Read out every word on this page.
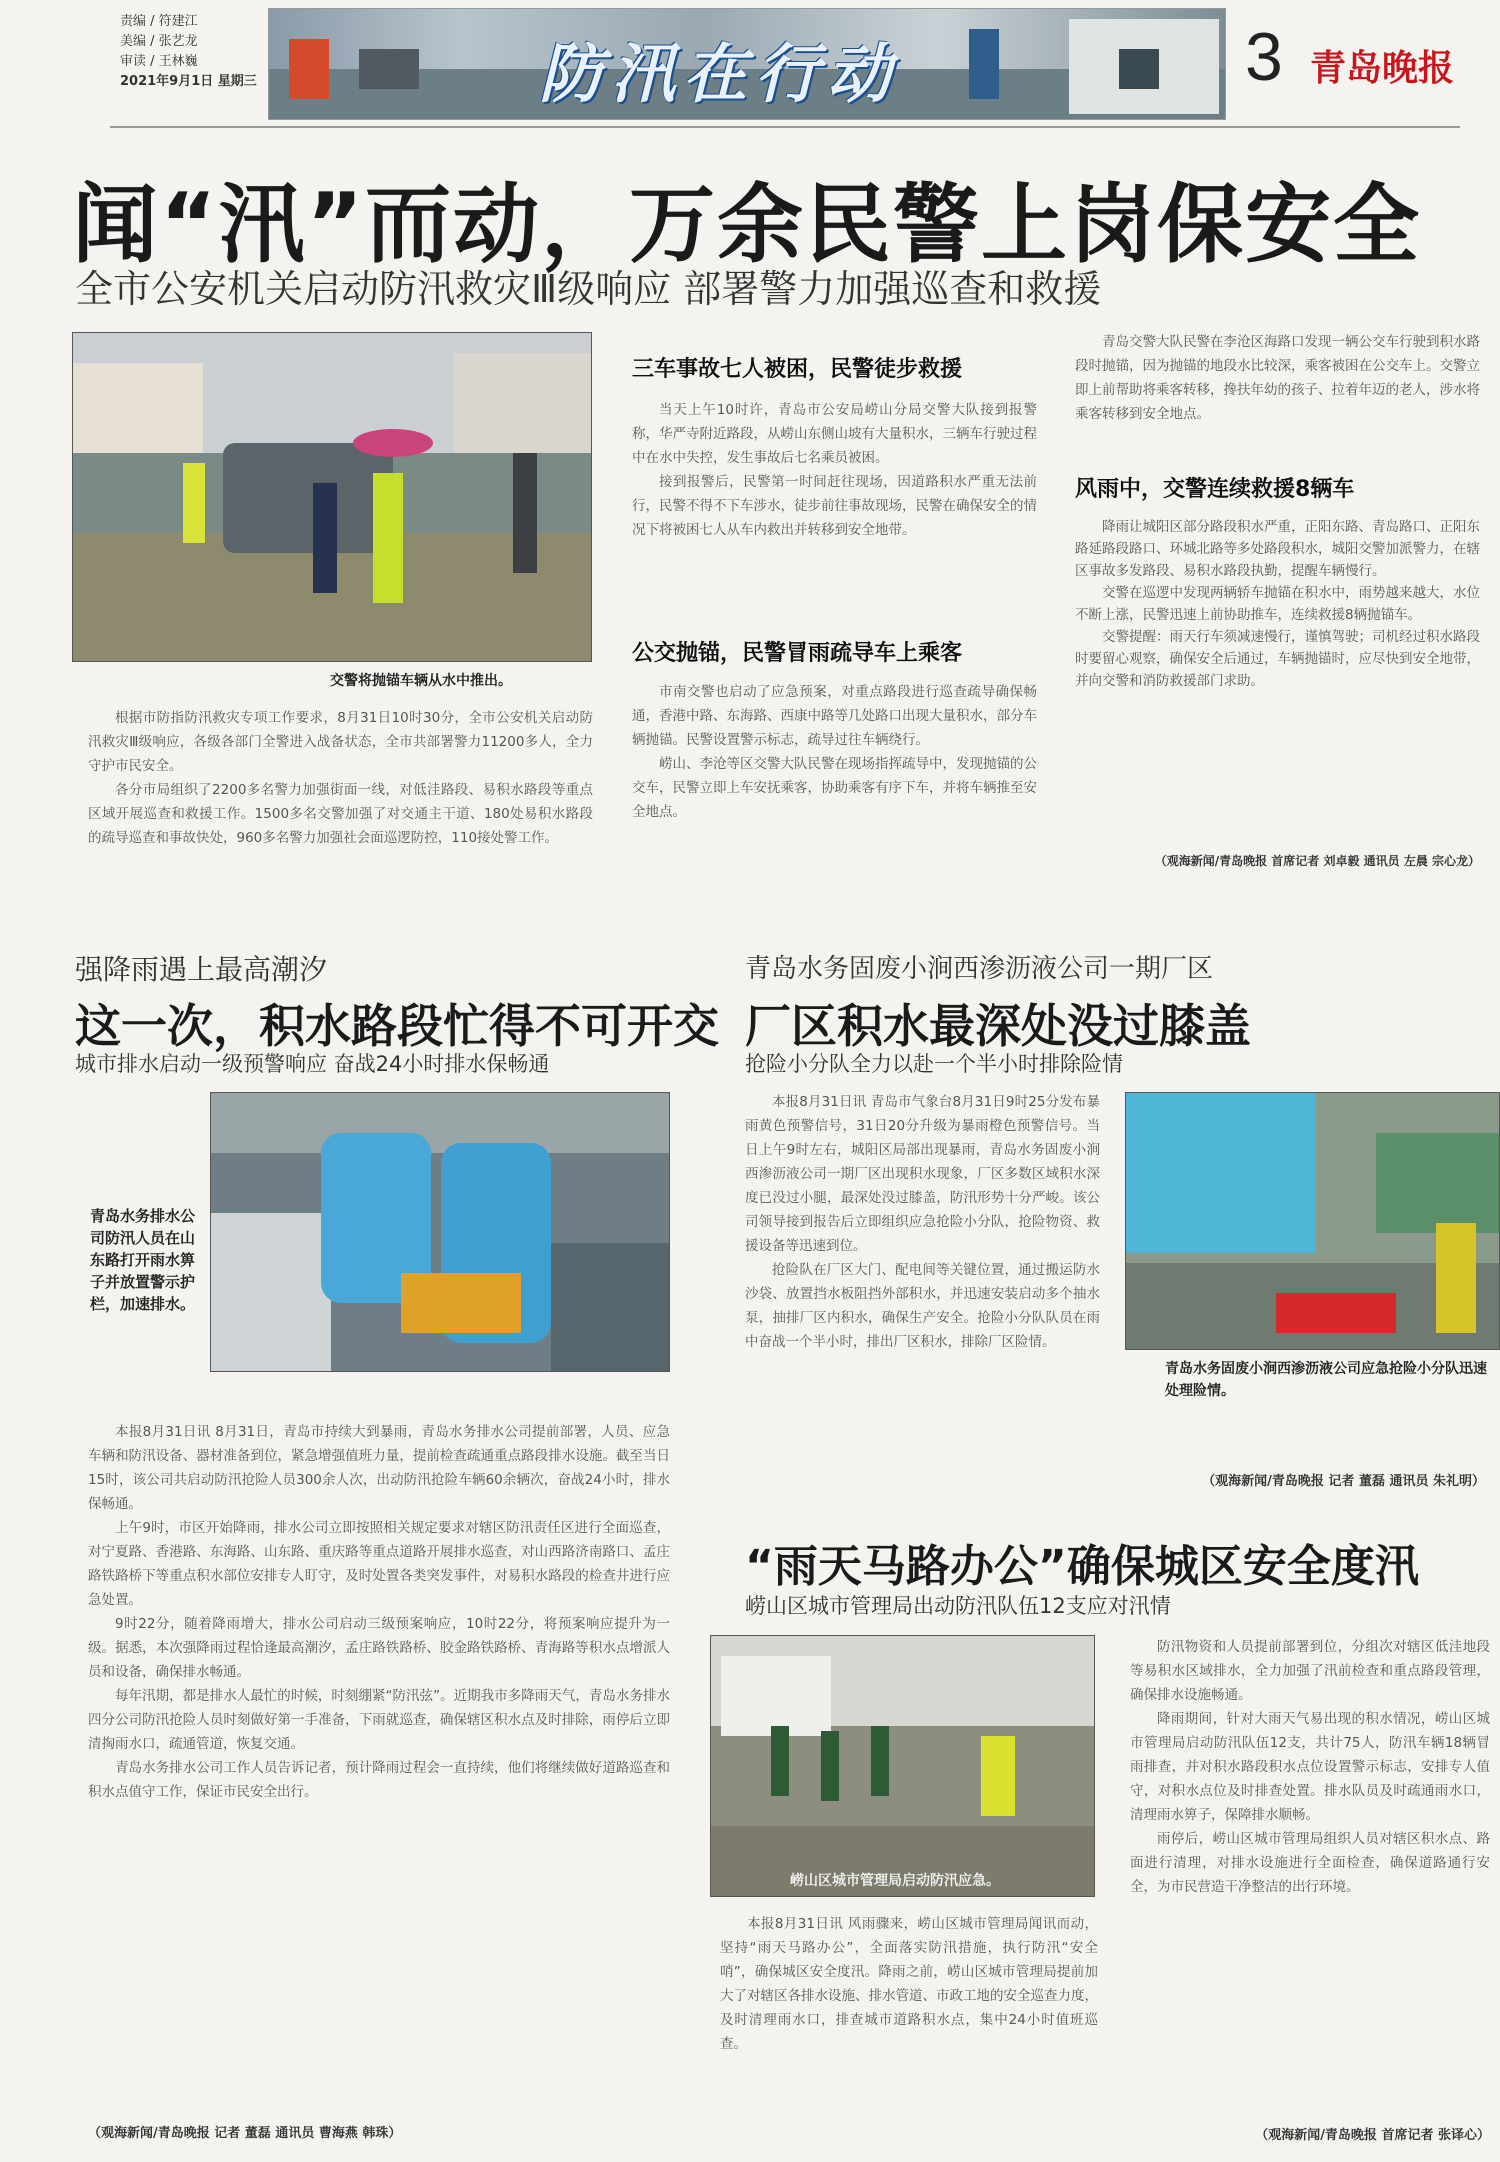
责编 / 符建江
美编 / 张艺龙
审读 / 王林巍
2021年9月1日 星期三	防汛在行动	3 青岛晚报
闻“汛”而动，万余民警上岗保安全
全市公安机关启动防汛救灾Ⅲ级响应 部署警力加强巡查和救援
交警将抛锚车辆从水中推出。

根据市防指防汛救灾专项工作要求，8月31日10时30分，全市公安机关启动防汛救灾Ⅲ级响应，各级各部门全警进入战备状态，全市共部署警力11200多人，全力守护市民安全。

各分市局组织了2200多名警力加强街面一线，对低洼路段、易积水路段等重点区域开展巡查和救援工作。1500多名交警加强了对交通主干道、180处易积水路段的疏导巡查和事故快处，960多名警力加强社会面巡逻防控，110接处警工作。

三车事故七人被困，民警徒步救援

当天上午10时许，青岛市公安局崂山分局交警大队接到报警称，华严寺附近路段，从崂山东侧山坡有大量积水，三辆车行驶过程中在水中失控，发生事故后七名乘员被困。

接到报警后，民警第一时间赶往现场，因道路积水严重无法前行，民警不得不下车涉水，徒步前往事故现场，民警在确保安全的情况下将被困七人从车内救出并转移到安全地带。

公交抛锚，民警冒雨疏导车上乘客

市南交警也启动了应急预案，对重点路段进行巡查疏导确保畅通，香港中路、东海路、西康中路等几处路口出现大量积水，部分车辆抛锚。民警设置警示标志，疏导过往车辆绕行。

崂山、李沧等区交警大队民警在现场指挥疏导中，发现抛锚的公交车，民警立即上车安抚乘客，协助乘客有序下车，并将车辆推至安全地点。

青岛交警大队民警在李沧区海路口发现一辆公交车行驶到积水路段时抛锚，因为抛锚的地段水比较深，乘客被困在公交车上。交警立即上前帮助将乘客转移，搀扶年幼的孩子、拉着年迈的老人，涉水将乘客转移到安全地点。

风雨中，交警连续救援8辆车

降雨让城阳区部分路段积水严重，正阳东路、青岛路口、正阳东路延路段路口、环城北路等多处路段积水，城阳交警加派警力，在辖区事故多发路段、易积水路段执勤，提醒车辆慢行。

交警在巡逻中发现两辆轿车抛锚在积水中，雨势越来越大，水位不断上涨，民警迅速上前协助推车，连续救援8辆抛锚车。

交警提醒：雨天行车须减速慢行，谨慎驾驶；司机经过积水路段时要留心观察，确保安全后通过，车辆抛锚时，应尽快到安全地带，并向交警和消防救援部门求助。

（观海新闻/青岛晚报 首席记者 刘卓毅 通讯员 左晨 宗心龙）
强降雨遇上最高潮汐
这一次，积水路段忙得不可开交
城市排水启动一级预警响应 奋战24小时排水保畅通
青岛水务排水公司防汛人员在山东路打开雨水箅子并放置警示护栏，加速排水。

本报8月31日讯 8月31日，青岛市持续大到暴雨，青岛水务排水公司提前部署，人员、应急车辆和防汛设备、器材准备到位，紧急增强值班力量，提前检查疏通重点路段排水设施。截至当日15时，该公司共启动防汛抢险人员300余人次，出动防汛抢险车辆60余辆次，奋战24小时，排水保畅通。

上午9时，市区开始降雨，排水公司立即按照相关规定要求对辖区防汛责任区进行全面巡查，对宁夏路、香港路、东海路、山东路、重庆路等重点道路开展排水巡查，对山西路济南路口、孟庄路铁路桥下等重点积水部位安排专人盯守，及时处置各类突发事件，对易积水路段的检查井进行应急处置。

9时22分，随着降雨增大，排水公司启动三级预案响应，10时22分，将预案响应提升为一级。据悉，本次强降雨过程恰逢最高潮汐，孟庄路铁路桥、胶金路铁路桥、青海路等积水点增派人员和设备，确保排水畅通。

每年汛期，都是排水人最忙的时候，时刻绷紧“防汛弦”。近期我市多降雨天气，青岛水务排水四分公司防汛抢险人员时刻做好第一手准备，下雨就巡查，确保辖区积水点及时排除，雨停后立即清掏雨水口，疏通管道，恢复交通。

青岛水务排水公司工作人员告诉记者，预计降雨过程会一直持续，他们将继续做好道路巡查和积水点值守工作，保证市民安全出行。

（观海新闻/青岛晚报 记者 董磊 通讯员 曹海燕 韩珠）
青岛水务固废小涧西渗沥液公司一期厂区
厂区积水最深处没过膝盖
抢险小分队全力以赴一个半小时排除险情

本报8月31日讯 青岛市气象台8月31日9时25分发布暴雨黄色预警信号，31日20分升级为暴雨橙色预警信号。当日上午9时左右，城阳区局部出现暴雨，青岛水务固废小涧西渗沥液公司一期厂区出现积水现象，厂区多数区域积水深度已没过小腿，最深处没过膝盖，防汛形势十分严峻。该公司领导接到报告后立即组织应急抢险小分队，抢险物资、救援设备等迅速到位。

抢险队在厂区大门、配电间等关键位置，通过搬运防水沙袋、放置挡水板阻挡外部积水，并迅速安装启动多个抽水泵，抽排厂区内积水，确保生产安全。抢险小分队队员在雨中奋战一个半小时，排出厂区积水，排除厂区险情。

青岛水务固废小涧西渗沥液公司应急抢险小分队迅速处理险情。
（观海新闻/青岛晚报 记者 董磊 通讯员 朱礼明）
“雨天马路办公”确保城区安全度汛
崂山区城市管理局出动防汛队伍12支应对汛情
崂山区城市管理局启动防汛应急。

本报8月31日讯 风雨骤来，崂山区城市管理局闻讯而动，坚持“雨天马路办公”，全面落实防汛措施，执行防汛“安全哨”，确保城区安全度汛。降雨之前，崂山区城市管理局提前加大了对辖区各排水设施、排水管道、市政工地的安全巡查力度，及时清理雨水口，排查城市道路积水点，集中24小时值班巡查。

防汛物资和人员提前部署到位，分组次对辖区低洼地段等易积水区域排水，全力加强了汛前检查和重点路段管理，确保排水设施畅通。

降雨期间，针对大雨天气易出现的积水情况，崂山区城市管理局启动防汛队伍12支，共计75人，防汛车辆18辆冒雨排查，并对积水路段积水点位设置警示标志，安排专人值守，对积水点位及时排查处置。排水队员及时疏通雨水口，清理雨水箅子，保障排水顺畅。

雨停后，崂山区城市管理局组织人员对辖区积水点、路面进行清理，对排水设施进行全面检查，确保道路通行安全，为市民营造干净整洁的出行环境。

（观海新闻/青岛晚报 首席记者 张译心）
